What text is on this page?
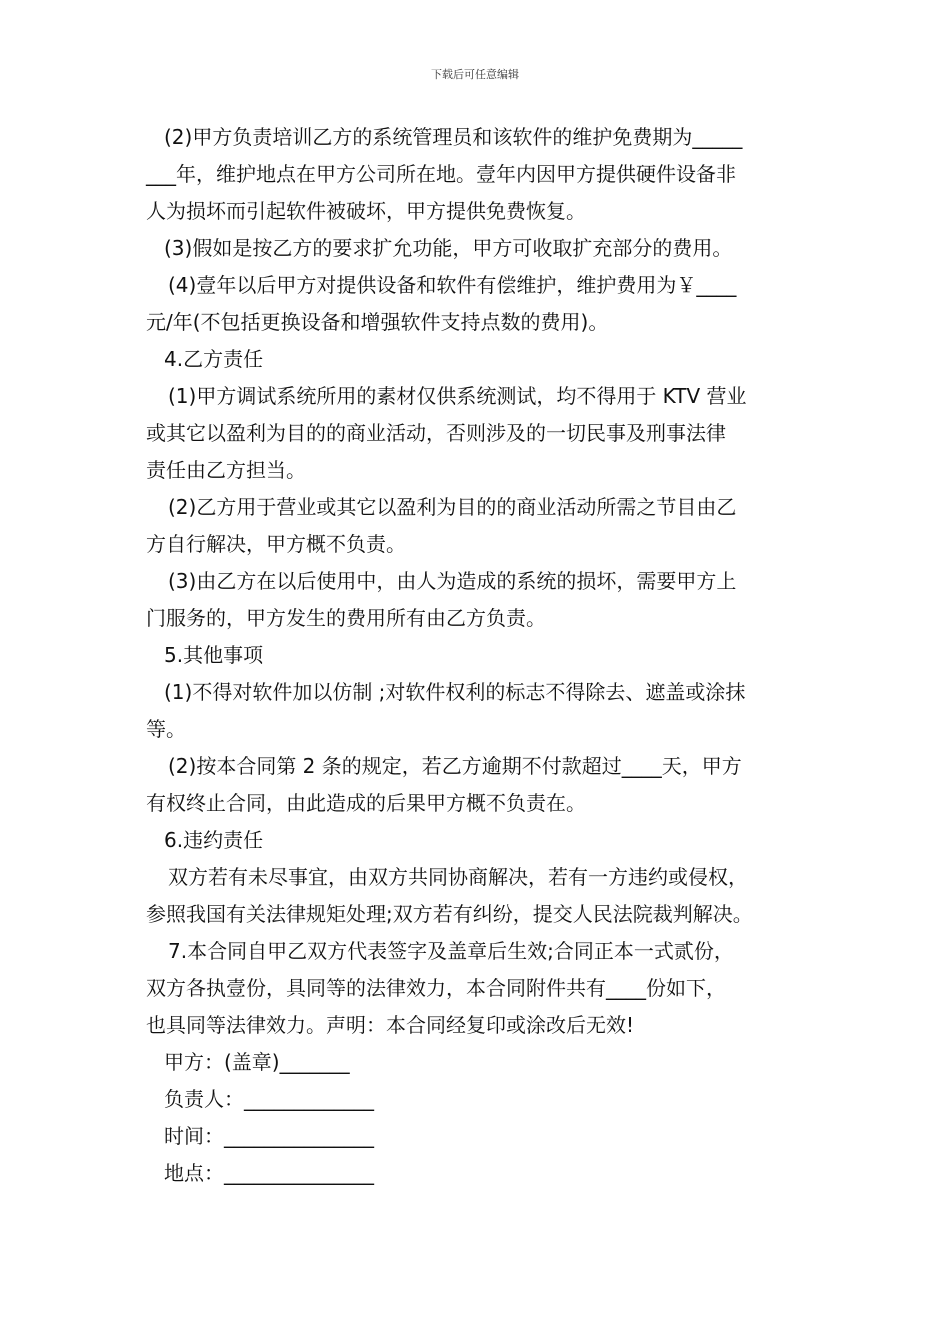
下载后可任意编辑
(2)甲方负责培训乙方的系统管理员和该软件的维护免费期为_____
___年，维护地点在甲方公司所在地。壹年内因甲方提供硬件设备非
人为损坏而引起软件被破坏，甲方提供免费恢复。
(3)假如是按乙方的要求扩允功能，甲方可收取扩充部分的费用。
(4)壹年以后甲方对提供设备和软件有偿维护，维护费用为￥____
元/年(不包括更换设备和增强软件支持点数的费用)。
4.乙方责任
(1)甲方调试系统所用的素材仅供系统测试，均不得用于 KTV 营业
或其它以盈利为目的的商业活动，否则涉及的一切民事及刑事法律
责任由乙方担当。
(2)乙方用于营业或其它以盈利为目的的商业活动所需之节目由乙
方自行解决，甲方概不负责。
(3)由乙方在以后使用中，由人为造成的系统的损坏，需要甲方上
门服务的，甲方发生的费用所有由乙方负责。
5.其他事项
(1)不得对软件加以仿制 ;对软件权利的标志不得除去、遮盖或涂抹
等。
(2)按本合同第 2 条的规定，若乙方逾期不付款超过____天，甲方
有权终止合同，由此造成的后果甲方概不负责在。
6.违约责任
双方若有未尽事宜，由双方共同协商解决，若有一方违约或侵权，
参照我国有关法律规矩处理;双方若有纠纷，提交人民法院裁判解决。
7.本合同自甲乙双方代表签字及盖章后生效;合同正本一式贰份，
双方各执壹份，具同等的法律效力，本合同附件共有____份如下，
也具同等法律效力。声明：本合同经复印或涂改后无效!
甲方：(盖章)_______
负责人：_____________
时间：_______________
地点：_______________
